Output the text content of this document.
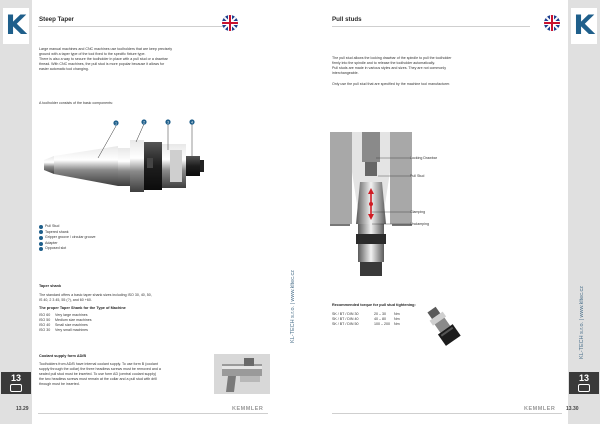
K
13
Steep Taper
Large manual machines and CNC machines use toolholders that are keep precisely
ground with a taper type of the tool fixed to the specific fixture type.
There is also a way to secure the toolholder in place with a pull stud or a drawbar
thread. With CNC machines, the pull stud is more popular because it allows for
easier automatic tool changing.
A toolholder consists of the basic components:
1	2	3	4
Pull Stud
Tapered shank
Gripper groove / circular groove
Adapter
Opposed slot
Taper shank
The standard offers a basic taper shank sizes including ISO 30, 40, 50,
IS 40, 2 3 45, 55 (?), and 60 +60.
The proper Taper Shank for the Type of Machine
ISO 60	Very large machines
ISO 50	Medium size machines
ISO 40	Small size machines
ISO 30	Very small machines
Coolant supply form AD/B
Toolholders from AD/B have internal coolant supply. To use form B (coolant
supply through the collar) the three headless screws must be removed and a
sealed pull stud must be inserted. To use form AD (central coolant supply)
the two headless screws must remain at the collar and a pull stud with drill
through must be inserted.
KL-TECH s.r.o. | www.kltec.cz
13.29	KEMMLER
K
13
Pull studs
The pull stud allows the locking drawbar of the spindle to pull the toolholder
firmly into the spindle and to release the toolholder automatically.
Pull studs are made in various styles and sizes. They are not commonly
interchangeable.
Only use the pull stud that are specified by the machine tool manufacturer.
Locking Drawbar
Pull Stud
Clamping
Unclamping
Recommended torque for pull stud tightening:
SK / BT / DIN 30	20 – 30	Nm
SK / BT / DIN 40	40 – 80	Nm
SK / BT / DIN 50	100 – 200	Nm	KL-TECH s.r.o. | www.kltec.cz
KEMMLER 13.30
